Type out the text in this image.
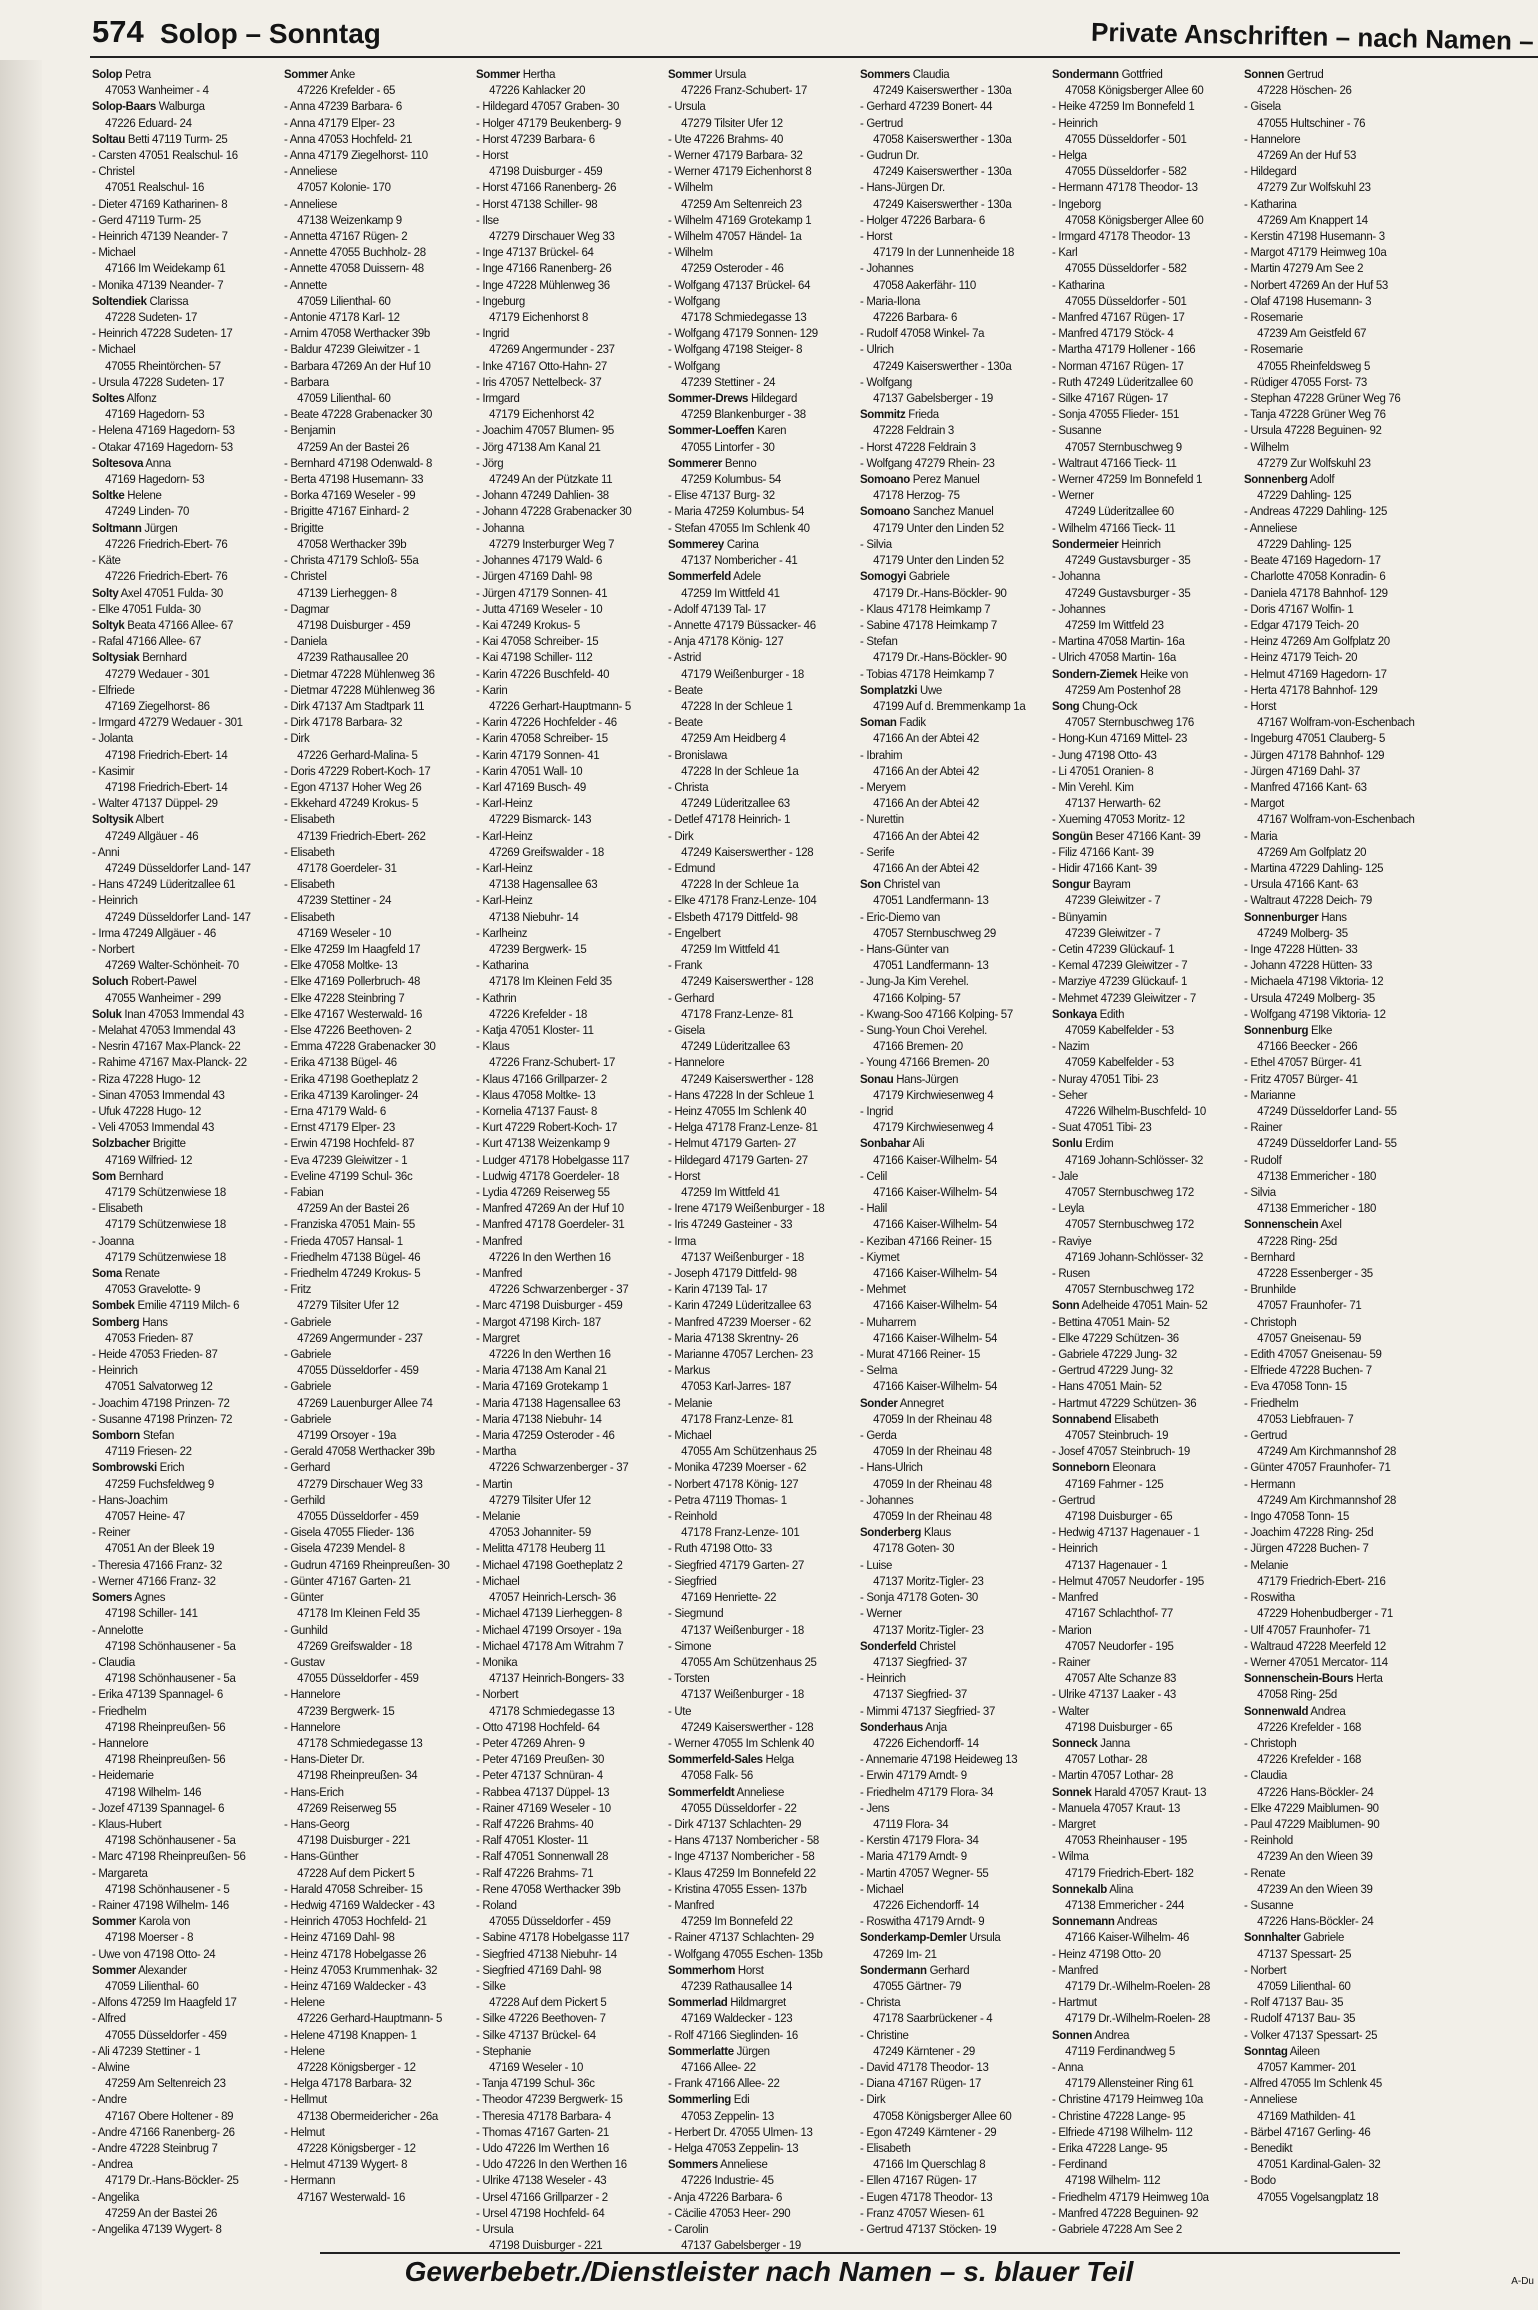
574 Solop – Sonntag	Private Anschriften – nach Namen –
Solop Petra
47053 Wanheimer - 4
Solop-Baars Walburga
47226 Eduard- 24
Soltau Betti 47119 Turm- 25
- Carsten 47051 Realschul- 16
- Christel
47051 Realschul- 16
- Dieter 47169 Katharinen- 8
- Gerd 47119 Turm- 25
- Heinrich 47139 Neander- 7
- Michael
47166 Im Weidekamp 61
- Monika 47139 Neander- 7
Soltendiek Clarissa
47228 Sudeten- 17
- Heinrich 47228 Sudeten- 17
- Michael
47055 Rheintörchen- 57
- Ursula 47228 Sudeten- 17
Soltes Alfonz
47169 Hagedorn- 53
- Helena 47169 Hagedorn- 53
- Otakar 47169 Hagedorn- 53
Soltesova Anna
47169 Hagedorn- 53
Soltke Helene
47249 Linden- 70
Soltmann Jürgen
47226 Friedrich-Ebert- 76
- Käte
47226 Friedrich-Ebert- 76
Solty Axel 47051 Fulda- 30
- Elke 47051 Fulda- 30
Soltyk Beata 47166 Allee- 67
- Rafal 47166 Allee- 67
Soltysiak Bernhard
47279 Wedauer - 301
- Elfriede
47169 Ziegelhorst- 86
- Irmgard 47279 Wedauer - 301
- Jolanta
47198 Friedrich-Ebert- 14
- Kasimir
47198 Friedrich-Ebert- 14
- Walter 47137 Düppel- 29
Soltysik Albert
47249 Allgäuer - 46
- Anni
47249 Düsseldorfer Land- 147
- Hans 47249 Lüderitzallee 61
- Heinrich
47249 Düsseldorfer Land- 147
- Irma 47249 Allgäuer - 46
- Norbert
47269 Walter-Schönheit- 70
Soluch Robert-Pawel
47055 Wanheimer - 299
Soluk Inan 47053 Immendal 43
- Melahat 47053 Immendal 43
- Nesrin 47167 Max-Planck- 22
- Rahime 47167 Max-Planck- 22
- Riza 47228 Hugo- 12
- Sinan 47053 Immendal 43
- Ufuk 47228 Hugo- 12
- Veli 47053 Immendal 43
Solzbacher Brigitte
47169 Wilfried- 12
Som Bernhard
47179 Schützenwiese 18
- Elisabeth
47179 Schützenwiese 18
- Joanna
47179 Schützenwiese 18
Soma Renate
47053 Gravelotte- 9
Sombek Emilie 47119 Milch- 6
Somberg Hans
47053 Frieden- 87
- Heide 47053 Frieden- 87
- Heinrich
47051 Salvatorweg 12
- Joachim 47198 Prinzen- 72
- Susanne 47198 Prinzen- 72
Somborn Stefan
47119 Friesen- 22
Sombrowski Erich
47259 Fuchsfeldweg 9
- Hans-Joachim
47057 Heine- 47
- Reiner
47051 An der Bleek 19
- Theresia 47166 Franz- 32
- Werner 47166 Franz- 32
Somers Agnes
47198 Schiller- 141
- Annelotte
47198 Schönhausener - 5a
- Claudia
47198 Schönhausener - 5a
- Erika 47139 Spannagel- 6
- Friedhelm
47198 Rheinpreußen- 56
- Hannelore
47198 Rheinpreußen- 56
- Heidemarie
47198 Wilhelm- 146
- Jozef 47139 Spannagel- 6
- Klaus-Hubert
47198 Schönhausener - 5a
- Marc 47198 Rheinpreußen- 56
- Margareta
47198 Schönhausener - 5
- Rainer 47198 Wilhelm- 146
Sommer Karola von
47198 Moerser - 8
- Uwe von 47198 Otto- 24
Sommer Alexander
47059 Lilienthal- 60
- Alfons 47259 Im Haagfeld 17
- Alfred
47055 Düsseldorfer - 459
- Ali 47239 Stettiner - 1
- Alwine
47259 Am Seltenreich 23
- Andre
47167 Obere Holtener - 89
- Andre 47166 Ranenberg- 26
- Andre 47228 Steinbrug 7
- Andrea
47179 Dr.-Hans-Böckler- 25
- Angelika
47259 An der Bastei 26
- Angelika 47139 Wygert- 8
Sommer Anke
47226 Krefelder - 65
- Anna 47239 Barbara- 6
- Anna 47179 Elper- 23
- Anna 47053 Hochfeld- 21
- Anna 47179 Ziegelhorst- 110
- Anneliese
47057 Kolonie- 170
- Anneliese
47138 Weizenkamp 9
- Annetta 47167 Rügen- 2
- Annette 47055 Buchholz- 28
- Annette 47058 Duissern- 48
- Annette
47059 Lilienthal- 60
- Antonie 47178 Karl- 12
- Arnim 47058 Werthacker 39b
- Baldur 47239 Gleiwitzer - 1
- Barbara 47269 An der Huf 10
- Barbara
47059 Lilienthal- 60
- Beate 47228 Grabenacker 30
- Benjamin
47259 An der Bastei 26
- Bernhard 47198 Odenwald- 8
- Berta 47198 Husemann- 33
- Borka 47169 Weseler - 99
- Brigitte 47167 Einhard- 2
- Brigitte
47058 Werthacker 39b
- Christa 47179 Schloß- 55a
- Christel
47139 Lierheggen- 8
- Dagmar
47198 Duisburger - 459
- Daniela
47239 Rathausallee 20
- Dietmar 47228 Mühlenweg 36
- Dietmar 47228 Mühlenweg 36
- Dirk 47137 Am Stadtpark 11
- Dirk 47178 Barbara- 32
- Dirk
47226 Gerhard-Malina- 5
- Doris 47229 Robert-Koch- 17
- Egon 47137 Hoher Weg 26
- Ekkehard 47249 Krokus- 5
- Elisabeth
47139 Friedrich-Ebert- 262
- Elisabeth
47178 Goerdeler- 31
- Elisabeth
47239 Stettiner - 24
- Elisabeth
47169 Weseler - 10
- Elke 47259 Im Haagfeld 17
- Elke 47058 Moltke- 13
- Elke 47169 Pollerbruch- 48
- Elke 47228 Steinbring 7
- Elke 47167 Westerwald- 16
- Else 47226 Beethoven- 2
- Emma 47228 Grabenacker 30
- Erika 47138 Bügel- 46
- Erika 47198 Goetheplatz 2
- Erika 47139 Karolinger- 24
- Erna 47179 Wald- 6
- Ernst 47179 Elper- 23
- Erwin 47198 Hochfeld- 87
- Eva 47239 Gleiwitzer - 1
- Eveline 47199 Schul- 36c
- Fabian
47259 An der Bastei 26
- Franziska 47051 Main- 55
- Frieda 47057 Hansal- 1
- Friedhelm 47138 Bügel- 46
- Friedhelm 47249 Krokus- 5
- Fritz
47279 Tilsiter Ufer 12
- Gabriele
47269 Angermunder - 237
- Gabriele
47055 Düsseldorfer - 459
- Gabriele
47269 Lauenburger Allee 74
- Gabriele
47199 Orsoyer - 19a
- Gerald 47058 Werthacker 39b
- Gerhard
47279 Dirschauer Weg 33
- Gerhild
47055 Düsseldorfer - 459
- Gisela 47055 Flieder- 136
- Gisela 47239 Mendel- 8
- Gudrun 47169 Rheinpreußen- 30
- Günter 47167 Garten- 21
- Günter
47178 Im Kleinen Feld 35
- Gunhild
47269 Greifswalder - 18
- Gustav
47055 Düsseldorfer - 459
- Hannelore
47239 Bergwerk- 15
- Hannelore
47178 Schmiedegasse 13
- Hans-Dieter Dr.
47198 Rheinpreußen- 34
- Hans-Erich
47269 Reiserweg 55
- Hans-Georg
47198 Duisburger - 221
- Hans-Günther
47228 Auf dem Pickert 5
- Harald 47058 Schreiber- 15
- Hedwig 47169 Waldecker - 43
- Heinrich 47053 Hochfeld- 21
- Heinz 47169 Dahl- 98
- Heinz 47178 Hobelgasse 26
- Heinz 47053 Krummenhak- 32
- Heinz 47169 Waldecker - 43
- Helene
47226 Gerhard-Hauptmann- 5
- Helene 47198 Knappen- 1
- Helene
47228 Königsberger - 12
- Helga 47178 Barbara- 32
- Hellmut
47138 Obermeidericher - 26a
- Helmut
47228 Königsberger - 12
- Helmut 47139 Wygert- 8
- Hermann
47167 Westerwald- 16
Sommer Hertha
47226 Kahlacker 20
- Hildegard 47057 Graben- 30
- Holger 47179 Beukenberg- 9
- Horst 47239 Barbara- 6
- Horst
47198 Duisburger - 459
- Horst 47166 Ranenberg- 26
- Horst 47138 Schiller- 98
- Ilse
47279 Dirschauer Weg 33
- Inge 47137 Brückel- 64
- Inge 47166 Ranenberg- 26
- Inge 47228 Mühlenweg 36
- Ingeburg
47179 Eichenhorst 8
- Ingrid
47269 Angermunder - 237
- Inke 47167 Otto-Hahn- 27
- Iris 47057 Nettelbeck- 37
- Irmgard
47179 Eichenhorst 42
- Joachim 47057 Blumen- 95
- Jörg 47138 Am Kanal 21
- Jörg
47249 An der Pützkate 11
- Johann 47249 Dahlien- 38
- Johann 47228 Grabenacker 30
- Johanna
47279 Insterburger Weg 7
- Johannes 47179 Wald- 6
- Jürgen 47169 Dahl- 98
- Jürgen 47179 Sonnen- 41
- Jutta 47169 Weseler - 10
- Kai 47249 Krokus- 5
- Kai 47058 Schreiber- 15
- Kai 47198 Schiller- 112
- Karin 47226 Buschfeld- 40
- Karin
47226 Gerhart-Hauptmann- 5
- Karin 47226 Hochfelder - 46
- Karin 47058 Schreiber- 15
- Karin 47179 Sonnen- 41
- Karin 47051 Wall- 10
- Karl 47169 Busch- 49
- Karl-Heinz
47229 Bismarck- 143
- Karl-Heinz
47269 Greifswalder - 18
- Karl-Heinz
47138 Hagensallee 63
- Karl-Heinz
47138 Niebuhr- 14
- Karlheinz
47239 Bergwerk- 15
- Katharina
47178 Im Kleinen Feld 35
- Kathrin
47226 Krefelder - 18
- Katja 47051 Kloster- 11
- Klaus
47226 Franz-Schubert- 17
- Klaus 47166 Grillparzer- 2
- Klaus 47058 Moltke- 13
- Kornelia 47137 Faust- 8
- Kurt 47229 Robert-Koch- 17
- Kurt 47138 Weizenkamp 9
- Ludger 47178 Hobelgasse 117
- Ludwig 47178 Goerdeler- 18
- Lydia 47269 Reiserweg 55
- Manfred 47269 An der Huf 10
- Manfred 47178 Goerdeler- 31
- Manfred
47226 In den Werthen 16
- Manfred
47226 Schwarzenberger - 37
- Marc 47198 Duisburger - 459
- Margot 47198 Kirch- 187
- Margret
47226 In den Werthen 16
- Maria 47138 Am Kanal 21
- Maria 47169 Grotekamp 1
- Maria 47138 Hagensallee 63
- Maria 47138 Niebuhr- 14
- Maria 47259 Osteroder - 46
- Martha
47226 Schwarzenberger - 37
- Martin
47279 Tilsiter Ufer 12
- Melanie
47053 Johanniter- 59
- Melitta 47178 Heuberg 11
- Michael 47198 Goetheplatz 2
- Michael
47057 Heinrich-Lersch- 36
- Michael 47139 Lierheggen- 8
- Michael 47199 Orsoyer - 19a
- Michael 47178 Am Witrahm 7
- Monika
47137 Heinrich-Bongers- 33
- Norbert
47178 Schmiedegasse 13
- Otto 47198 Hochfeld- 64
- Peter 47269 Ahren- 9
- Peter 47169 Preußen- 30
- Peter 47137 Schnüran- 4
- Rabbea 47137 Düppel- 13
- Rainer 47169 Weseler - 10
- Ralf 47226 Brahms- 40
- Ralf 47051 Kloster- 11
- Ralf 47051 Sonnenwall 28
- Ralf 47226 Brahms- 71
- Rene 47058 Werthacker 39b
- Roland
47055 Düsseldorfer - 459
- Sabine 47178 Hobelgasse 117
- Siegfried 47138 Niebuhr- 14
- Siegfried 47169 Dahl- 98
- Silke
47228 Auf dem Pickert 5
- Silke 47226 Beethoven- 7
- Silke 47137 Brückel- 64
- Stephanie
47169 Weseler - 10
- Tanja 47199 Schul- 36c
- Theodor 47239 Bergwerk- 15
- Theresia 47178 Barbara- 4
- Thomas 47167 Garten- 21
- Udo 47226 Im Werthen 16
- Udo 47226 In den Werthen 16
- Ulrike 47138 Weseler - 43
- Ursel 47166 Grillparzer - 2
- Ursel 47198 Hochfeld- 64
- Ursula
47198 Duisburger - 221
Sommer Ursula
47226 Franz-Schubert- 17
- Ursula
47279 Tilsiter Ufer 12
- Ute 47226 Brahms- 40
- Werner 47179 Barbara- 32
- Werner 47179 Eichenhorst 8
- Wilhelm
47259 Am Seltenreich 23
- Wilhelm 47169 Grotekamp 1
- Wilhelm 47057 Händel- 1a
- Wilhelm
47259 Osteroder - 46
- Wolfgang 47137 Brückel- 64
- Wolfgang
47178 Schmiedegasse 13
- Wolfgang 47179 Sonnen- 129
- Wolfgang 47198 Steiger- 8
- Wolfgang
47239 Stettiner - 24
Sommer-Drews Hildegard
47259 Blankenburger - 38
Sommer-Loeffen Karen
47055 Lintorfer - 30
Sommerer Benno
47259 Kolumbus- 54
- Elise 47137 Burg- 32
- Maria 47259 Kolumbus- 54
- Stefan 47055 Im Schlenk 40
Sommerey Carina
47137 Nombericher - 41
Sommerfeld Adele
47259 Im Wittfeld 41
- Adolf 47139 Tal- 17
- Annette 47179 Büssacker- 46
- Anja 47178 König- 127
- Astrid
47179 Weißenburger - 18
- Beate
47228 In der Schleue 1
- Beate
47259 Am Heidberg 4
- Bronislawa
47228 In der Schleue 1a
- Christa
47249 Lüderitzallee 63
- Detlef 47178 Heinrich- 1
- Dirk
47249 Kaiserswerther - 128
- Edmund
47228 In der Schleue 1a
- Elke 47178 Franz-Lenze- 104
- Elsbeth 47179 Dittfeld- 98
- Engelbert
47259 Im Wittfeld 41
- Frank
47249 Kaiserswerther - 128
- Gerhard
47178 Franz-Lenze- 81
- Gisela
47249 Lüderitzallee 63
- Hannelore
47249 Kaiserswerther - 128
- Hans 47228 In der Schleue 1
- Heinz 47055 Im Schlenk 40
- Helga 47178 Franz-Lenze- 81
- Helmut 47179 Garten- 27
- Hildegard 47179 Garten- 27
- Horst
47259 Im Wittfeld 41
- Irene 47179 Weißenburger - 18
- Iris 47249 Gasteiner - 33
- Irma
47137 Weißenburger - 18
- Joseph 47179 Dittfeld- 98
- Karin 47139 Tal- 17
- Karin 47249 Lüderitzallee 63
- Manfred 47239 Moerser - 62
- Maria 47138 Skrentny- 26
- Marianne 47057 Lerchen- 23
- Markus
47053 Karl-Jarres- 187
- Melanie
47178 Franz-Lenze- 81
- Michael
47055 Am Schützenhaus 25
- Monika 47239 Moerser - 62
- Norbert 47178 König- 127
- Petra 47119 Thomas- 1
- Reinhold
47178 Franz-Lenze- 101
- Ruth 47198 Otto- 33
- Siegfried 47179 Garten- 27
- Siegfried
47169 Henriette- 22
- Siegmund
47137 Weißenburger - 18
- Simone
47055 Am Schützenhaus 25
- Torsten
47137 Weißenburger - 18
- Ute
47249 Kaiserswerther - 128
- Werner 47055 Im Schlenk 40
Sommerfeld-Sales Helga
47058 Falk- 56
Sommerfeldt Anneliese
47055 Düsseldorfer - 22
- Dirk 47137 Schlachten- 29
- Hans 47137 Nombericher - 58
- Inge 47137 Nombericher - 58
- Klaus 47259 Im Bonnefeld 22
- Kristina 47055 Essen- 137b
- Manfred
47259 Im Bonnefeld 22
- Rainer 47137 Schlachten- 29
- Wolfgang 47055 Eschen- 135b
Sommerhom Horst
47239 Rathausallee 14
Sommerlad Hildmargret
47169 Waldecker - 123
- Rolf 47166 Sieglinden- 16
Sommerlatte Jürgen
47166 Allee- 22
- Frank 47166 Allee- 22
Sommerling Edi
47053 Zeppelin- 13
- Herbert Dr. 47055 Ulmen- 13
- Helga 47053 Zeppelin- 13
Sommers Anneliese
47226 Industrie- 45
- Anja 47226 Barbara- 6
- Cäcilie 47053 Heer- 290
- Carolin
47137 Gabelsberger - 19
Sommers Claudia
47249 Kaiserswerther - 130a
- Gerhard 47239 Bonert- 44
- Gertrud
47058 Kaiserswerther - 130a
- Gudrun Dr.
47249 Kaiserswerther - 130a
- Hans-Jürgen Dr.
47249 Kaiserswerther - 130a
- Holger 47226 Barbara- 6
- Horst
47179 In der Lunnenheide 18
- Johannes
47058 Aakerfähr- 110
- Maria-Ilona
47226 Barbara- 6
- Rudolf 47058 Winkel- 7a
- Ulrich
47249 Kaiserswerther - 130a
- Wolfgang
47137 Gabelsberger - 19
Sommitz Frieda
47228 Feldrain 3
- Horst 47228 Feldrain 3
- Wolfgang 47279 Rhein- 23
Somoano Perez Manuel
47178 Herzog- 75
Somoano Sanchez Manuel
47179 Unter den Linden 52
- Silvia
47179 Unter den Linden 52
Somogyi Gabriele
47179 Dr.-Hans-Böckler- 90
- Klaus 47178 Heimkamp 7
- Sabine 47178 Heimkamp 7
- Stefan
47179 Dr.-Hans-Böckler- 90
- Tobias 47178 Heimkamp 7
Somplatzki Uwe
47199 Auf d. Bremmenkamp 1a
Soman Fadik
47166 An der Abtei 42
- Ibrahim
47166 An der Abtei 42
- Meryem
47166 An der Abtei 42
- Nurettin
47166 An der Abtei 42
- Serife
47166 An der Abtei 42
Son Christel van
47051 Landfermann- 13
- Eric-Diemo van
47057 Sternbuschweg 29
- Hans-Günter van
47051 Landfermann- 13
- Jung-Ja Kim Verehel.
47166 Kolping- 57
- Kwang-Soo 47166 Kolping- 57
- Sung-Youn Choi Verehel.
47166 Bremen- 20
- Young 47166 Bremen- 20
Sonau Hans-Jürgen
47179 Kirchwiesenweg 4
- Ingrid
47179 Kirchwiesenweg 4
Sonbahar Ali
47166 Kaiser-Wilhelm- 54
- Celil
47166 Kaiser-Wilhelm- 54
- Halil
47166 Kaiser-Wilhelm- 54
- Keziban 47166 Reiner- 15
- Kiymet
47166 Kaiser-Wilhelm- 54
- Mehmet
47166 Kaiser-Wilhelm- 54
- Muharrem
47166 Kaiser-Wilhelm- 54
- Murat 47166 Reiner- 15
- Selma
47166 Kaiser-Wilhelm- 54
Sonder Annegret
47059 In der Rheinau 48
- Gerda
47059 In der Rheinau 48
- Hans-Ulrich
47059 In der Rheinau 48
- Johannes
47059 In der Rheinau 48
Sonderberg Klaus
47178 Goten- 30
- Luise
47137 Moritz-Tigler- 23
- Sonja 47178 Goten- 30
- Werner
47137 Moritz-Tigler- 23
Sonderfeld Christel
47137 Siegfried- 37
- Heinrich
47137 Siegfried- 37
- Mimmi 47137 Siegfried- 37
Sonderhaus Anja
47226 Eichendorff- 14
- Annemarie 47198 Heideweg 13
- Erwin 47179 Arndt- 9
- Friedhelm 47179 Flora- 34
- Jens
47119 Flora- 34
- Kerstin 47179 Flora- 34
- Maria 47179 Arndt- 9
- Martin 47057 Wegner- 55
- Michael
47226 Eichendorff- 14
- Roswitha 47179 Arndt- 9
Sonderkamp-Demler Ursula
47269 Im- 21
Sondermann Gerhard
47055 Gärtner- 79
- Christa
47178 Saarbrückener - 4
- Christine
47249 Kärntener - 29
- David 47178 Theodor- 13
- Diana 47167 Rügen- 17
- Dirk
47058 Königsberger Allee 60
- Egon 47249 Kärntener - 29
- Elisabeth
47166 Im Querschlag 8
- Ellen 47167 Rügen- 17
- Eugen 47178 Theodor- 13
- Franz 47057 Wiesen- 61
- Gertrud 47137 Stöcken- 19
Sondermann Gottfried
47058 Königsberger Allee 60
- Heike 47259 Im Bonnefeld 1
- Heinrich
47055 Düsseldorfer - 501
- Helga
47055 Düsseldorfer - 582
- Hermann 47178 Theodor- 13
- Ingeborg
47058 Königsberger Allee 60
- Irmgard 47178 Theodor- 13
- Karl
47055 Düsseldorfer - 582
- Katharina
47055 Düsseldorfer - 501
- Manfred 47167 Rügen- 17
- Manfred 47179 Stöck- 4
- Martha 47179 Hollener - 166
- Norman 47167 Rügen- 17
- Ruth 47249 Lüderitzallee 60
- Silke 47167 Rügen- 17
- Sonja 47055 Flieder- 151
- Susanne
47057 Sternbuschweg 9
- Waltraut 47166 Tieck- 11
- Werner 47259 Im Bonnefeld 1
- Werner
47249 Lüderitzallee 60
- Wilhelm 47166 Tieck- 11
Sondermeier Heinrich
47249 Gustavsburger - 35
- Johanna
47249 Gustavsburger - 35
- Johannes
47259 Im Wittfeld 23
- Martina 47058 Martin- 16a
- Ulrich 47058 Martin- 16a
Sondern-Ziemek Heike von
47259 Am Postenhof 28
Song Chung-Ock
47057 Sternbuschweg 176
- Hong-Kun 47169 Mittel- 23
- Jung 47198 Otto- 43
- Li 47051 Oranien- 8
- Min Verehl. Kim
47137 Herwarth- 62
- Xueming 47053 Moritz- 12
Songün Beser 47166 Kant- 39
- Filiz 47166 Kant- 39
- Hidir 47166 Kant- 39
Songur Bayram
47239 Gleiwitzer - 7
- Bünyamin
47239 Gleiwitzer - 7
- Cetin 47239 Glückauf- 1
- Kemal 47239 Gleiwitzer - 7
- Marziye 47239 Glückauf- 1
- Mehmet 47239 Gleiwitzer - 7
Sonkaya Edith
47059 Kabelfelder - 53
- Nazim
47059 Kabelfelder - 53
- Nuray 47051 Tibi- 23
- Seher
47226 Wilhelm-Buschfeld- 10
- Suat 47051 Tibi- 23
Sonlu Erdim
47169 Johann-Schlösser- 32
- Jale
47057 Sternbuschweg 172
- Leyla
47057 Sternbuschweg 172
- Raviye
47169 Johann-Schlösser- 32
- Rusen
47057 Sternbuschweg 172
Sonn Adelheide 47051 Main- 52
- Bettina 47051 Main- 52
- Elke 47229 Schützen- 36
- Gabriele 47229 Jung- 32
- Gertrud 47229 Jung- 32
- Hans 47051 Main- 52
- Hartmut 47229 Schützen- 36
Sonnabend Elisabeth
47057 Steinbruch- 19
- Josef 47057 Steinbruch- 19
Sonneborn Eleonara
47169 Fahrner - 125
- Gertrud
47198 Duisburger - 65
- Hedwig 47137 Hagenauer - 1
- Heinrich
47137 Hagenauer - 1
- Helmut 47057 Neudorfer - 195
- Manfred
47167 Schlachthof- 77
- Marion
47057 Neudorfer - 195
- Rainer
47057 Alte Schanze 83
- Ulrike 47137 Laaker - 43
- Walter
47198 Duisburger - 65
Sonneck Janna
47057 Lothar- 28
- Martin 47057 Lothar- 28
Sonnek Harald 47057 Kraut- 13
- Manuela 47057 Kraut- 13
- Margret
47053 Rheinhauser - 195
- Wilma
47179 Friedrich-Ebert- 182
Sonnekalb Alina
47138 Emmericher - 244
Sonnemann Andreas
47166 Kaiser-Wilhelm- 46
- Heinz 47198 Otto- 20
- Manfred
47179 Dr.-Wilhelm-Roelen- 28
- Hartmut
47179 Dr.-Wilhelm-Roelen- 28
Sonnen Andrea
47119 Ferdinandweg 5
- Anna
47179 Allensteiner Ring 61
- Christine 47179 Heimweg 10a
- Christine 47228 Lange- 95
- Elfriede 47198 Wilhelm- 112
- Erika 47228 Lange- 95
- Ferdinand
47198 Wilhelm- 112
- Friedhelm 47179 Heimweg 10a
- Manfred 47228 Beguinen- 92
- Gabriele 47228 Am See 2
Sonnen Gertrud
47228 Höschen- 26
- Gisela
47055 Hultschiner - 76
- Hannelore
47269 An der Huf 53
- Hildegard
47279 Zur Wolfskuhl 23
- Katharina
47269 Am Knappert 14
- Kerstin 47198 Husemann- 3
- Margot 47179 Heimweg 10a
- Martin 47279 Am See 2
- Norbert 47269 An der Huf 53
- Olaf 47198 Husemann- 3
- Rosemarie
47239 Am Geistfeld 67
- Rosemarie
47055 Rheinfeldsweg 5
- Rüdiger 47055 Forst- 73
- Stephan 47228 Grüner Weg 76
- Tanja 47228 Grüner Weg 76
- Ursula 47228 Beguinen- 92
- Wilhelm
47279 Zur Wolfskuhl 23
Sonnenberg Adolf
47229 Dahling- 125
- Andreas 47229 Dahling- 125
- Anneliese
47229 Dahling- 125
- Beate 47169 Hagedorn- 17
- Charlotte 47058 Konradin- 6
- Daniela 47178 Bahnhof- 129
- Doris 47167 Wolfin- 1
- Edgar 47179 Teich- 20
- Heinz 47269 Am Golfplatz 20
- Heinz 47179 Teich- 20
- Helmut 47169 Hagedorn- 17
- Herta 47178 Bahnhof- 129
- Horst
47167 Wolfram-von-Eschenbach
- Ingeburg 47051 Clauberg- 5
- Jürgen 47178 Bahnhof- 129
- Jürgen 47169 Dahl- 37
- Manfred 47166 Kant- 63
- Margot
47167 Wolfram-von-Eschenbach
- Maria
47269 Am Golfplatz 20
- Martina 47229 Dahling- 125
- Ursula 47166 Kant- 63
- Waltraut 47228 Deich- 79
Sonnenburger Hans
47249 Molberg- 35
- Inge 47228 Hütten- 33
- Johann 47228 Hütten- 33
- Michaela 47198 Viktoria- 12
- Ursula 47249 Molberg- 35
- Wolfgang 47198 Viktoria- 12
Sonnenburg Elke
47166 Beecker - 266
- Ethel 47057 Bürger- 41
- Fritz 47057 Bürger- 41
- Marianne
47249 Düsseldorfer Land- 55
- Rainer
47249 Düsseldorfer Land- 55
- Rudolf
47138 Emmericher - 180
- Silvia
47138 Emmericher - 180
Sonnenschein Axel
47228 Ring- 25d
- Bernhard
47228 Essenberger - 35
- Brunhilde
47057 Fraunhofer- 71
- Christoph
47057 Gneisenau- 59
- Edith 47057 Gneisenau- 59
- Elfriede 47228 Buchen- 7
- Eva 47058 Tonn- 15
- Friedhelm
47053 Liebfrauen- 7
- Gertrud
47249 Am Kirchmannshof 28
- Günter 47057 Fraunhofer- 71
- Hermann
47249 Am Kirchmannshof 28
- Ingo 47058 Tonn- 15
- Joachim 47228 Ring- 25d
- Jürgen 47228 Buchen- 7
- Melanie
47179 Friedrich-Ebert- 216
- Roswitha
47229 Hohenbudberger - 71
- Ulf 47057 Fraunhofer- 71
- Waltraud 47228 Meerfeld 12
- Werner 47051 Mercator- 114
Sonnenschein-Bours Herta
47058 Ring- 25d
Sonnenwald Andrea
47226 Krefelder - 168
- Christoph
47226 Krefelder - 168
- Claudia
47226 Hans-Böckler- 24
- Elke 47229 Maiblumen- 90
- Paul 47229 Maiblumen- 90
- Reinhold
47239 An den Wieen 39
- Renate
47239 An den Wieen 39
- Susanne
47226 Hans-Böckler- 24
Sonnhalter Gabriele
47137 Spessart- 25
- Norbert
47059 Lilienthal- 60
- Rolf 47137 Bau- 35
- Rudolf 47137 Bau- 35
- Volker 47137 Spessart- 25
Sonntag Aileen
47057 Kammer- 201
- Alfred 47055 Im Schlenk 45
- Anneliese
47169 Mathilden- 41
- Bärbel 47167 Gerling- 46
- Benedikt
47051 Kardinal-Galen- 32
- Bodo
47055 Vogelsangplatz 18
Gewerbebetr./Dienstleister nach Namen – s. blauer Teil	A-Du
